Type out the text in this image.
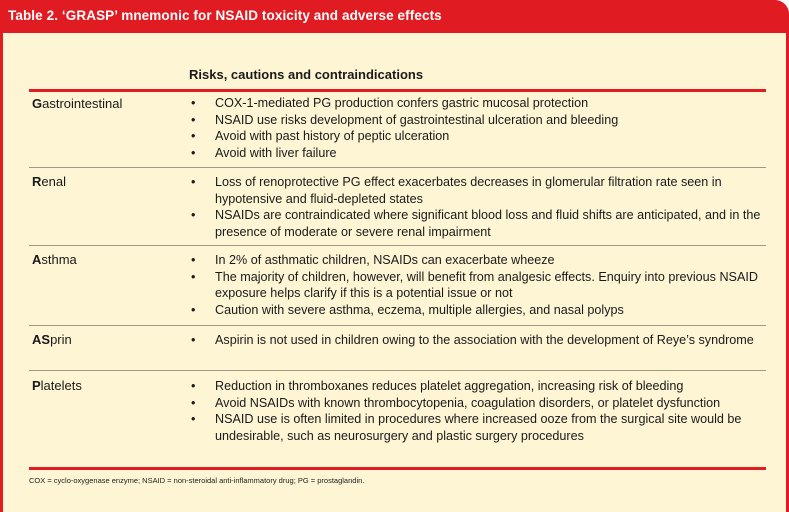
Table 2. ‘GRASP’ mnemonic for NSAID toxicity and adverse effects
Risks, cautions and contraindications
Gastrointestinal	• COX-1-mediated PG production confers gastric mucosal protection
• NSAID use risks development of gastrointestinal ulceration and bleeding
• Avoid with past history of peptic ulceration
• Avoid with liver failure
Renal	• Loss of renoprotective PG effect exacerbates decreases in glomerular filtration rate seen in hypotensive and fluid-depleted states
• NSAIDs are contraindicated where significant blood loss and fluid shifts are anticipated, and in the presence of moderate or severe renal impairment
Asthma	• In 2% of asthmatic children, NSAIDs can exacerbate wheeze
• The majority of children, however, will benefit from analgesic effects. Enquiry into previous NSAID exposure helps clarify if this is a potential issue or not
• Caution with severe asthma, eczema, multiple allergies, and nasal polyps
ASprin	• Aspirin is not used in children owing to the association with the development of Reye’s syndrome
Platelets	• Reduction in thromboxanes reduces platelet aggregation, increasing risk of bleeding
• Avoid NSAIDs with known thrombocytopenia, coagulation disorders, or platelet dysfunction
• NSAID use is often limited in procedures where increased ooze from the surgical site would be undesirable, such as neurosurgery and plastic surgery procedures
COX = cyclo-oxygenase enzyme; NSAID = non-steroidal anti-inflammatory drug; PG = prostaglandin.
